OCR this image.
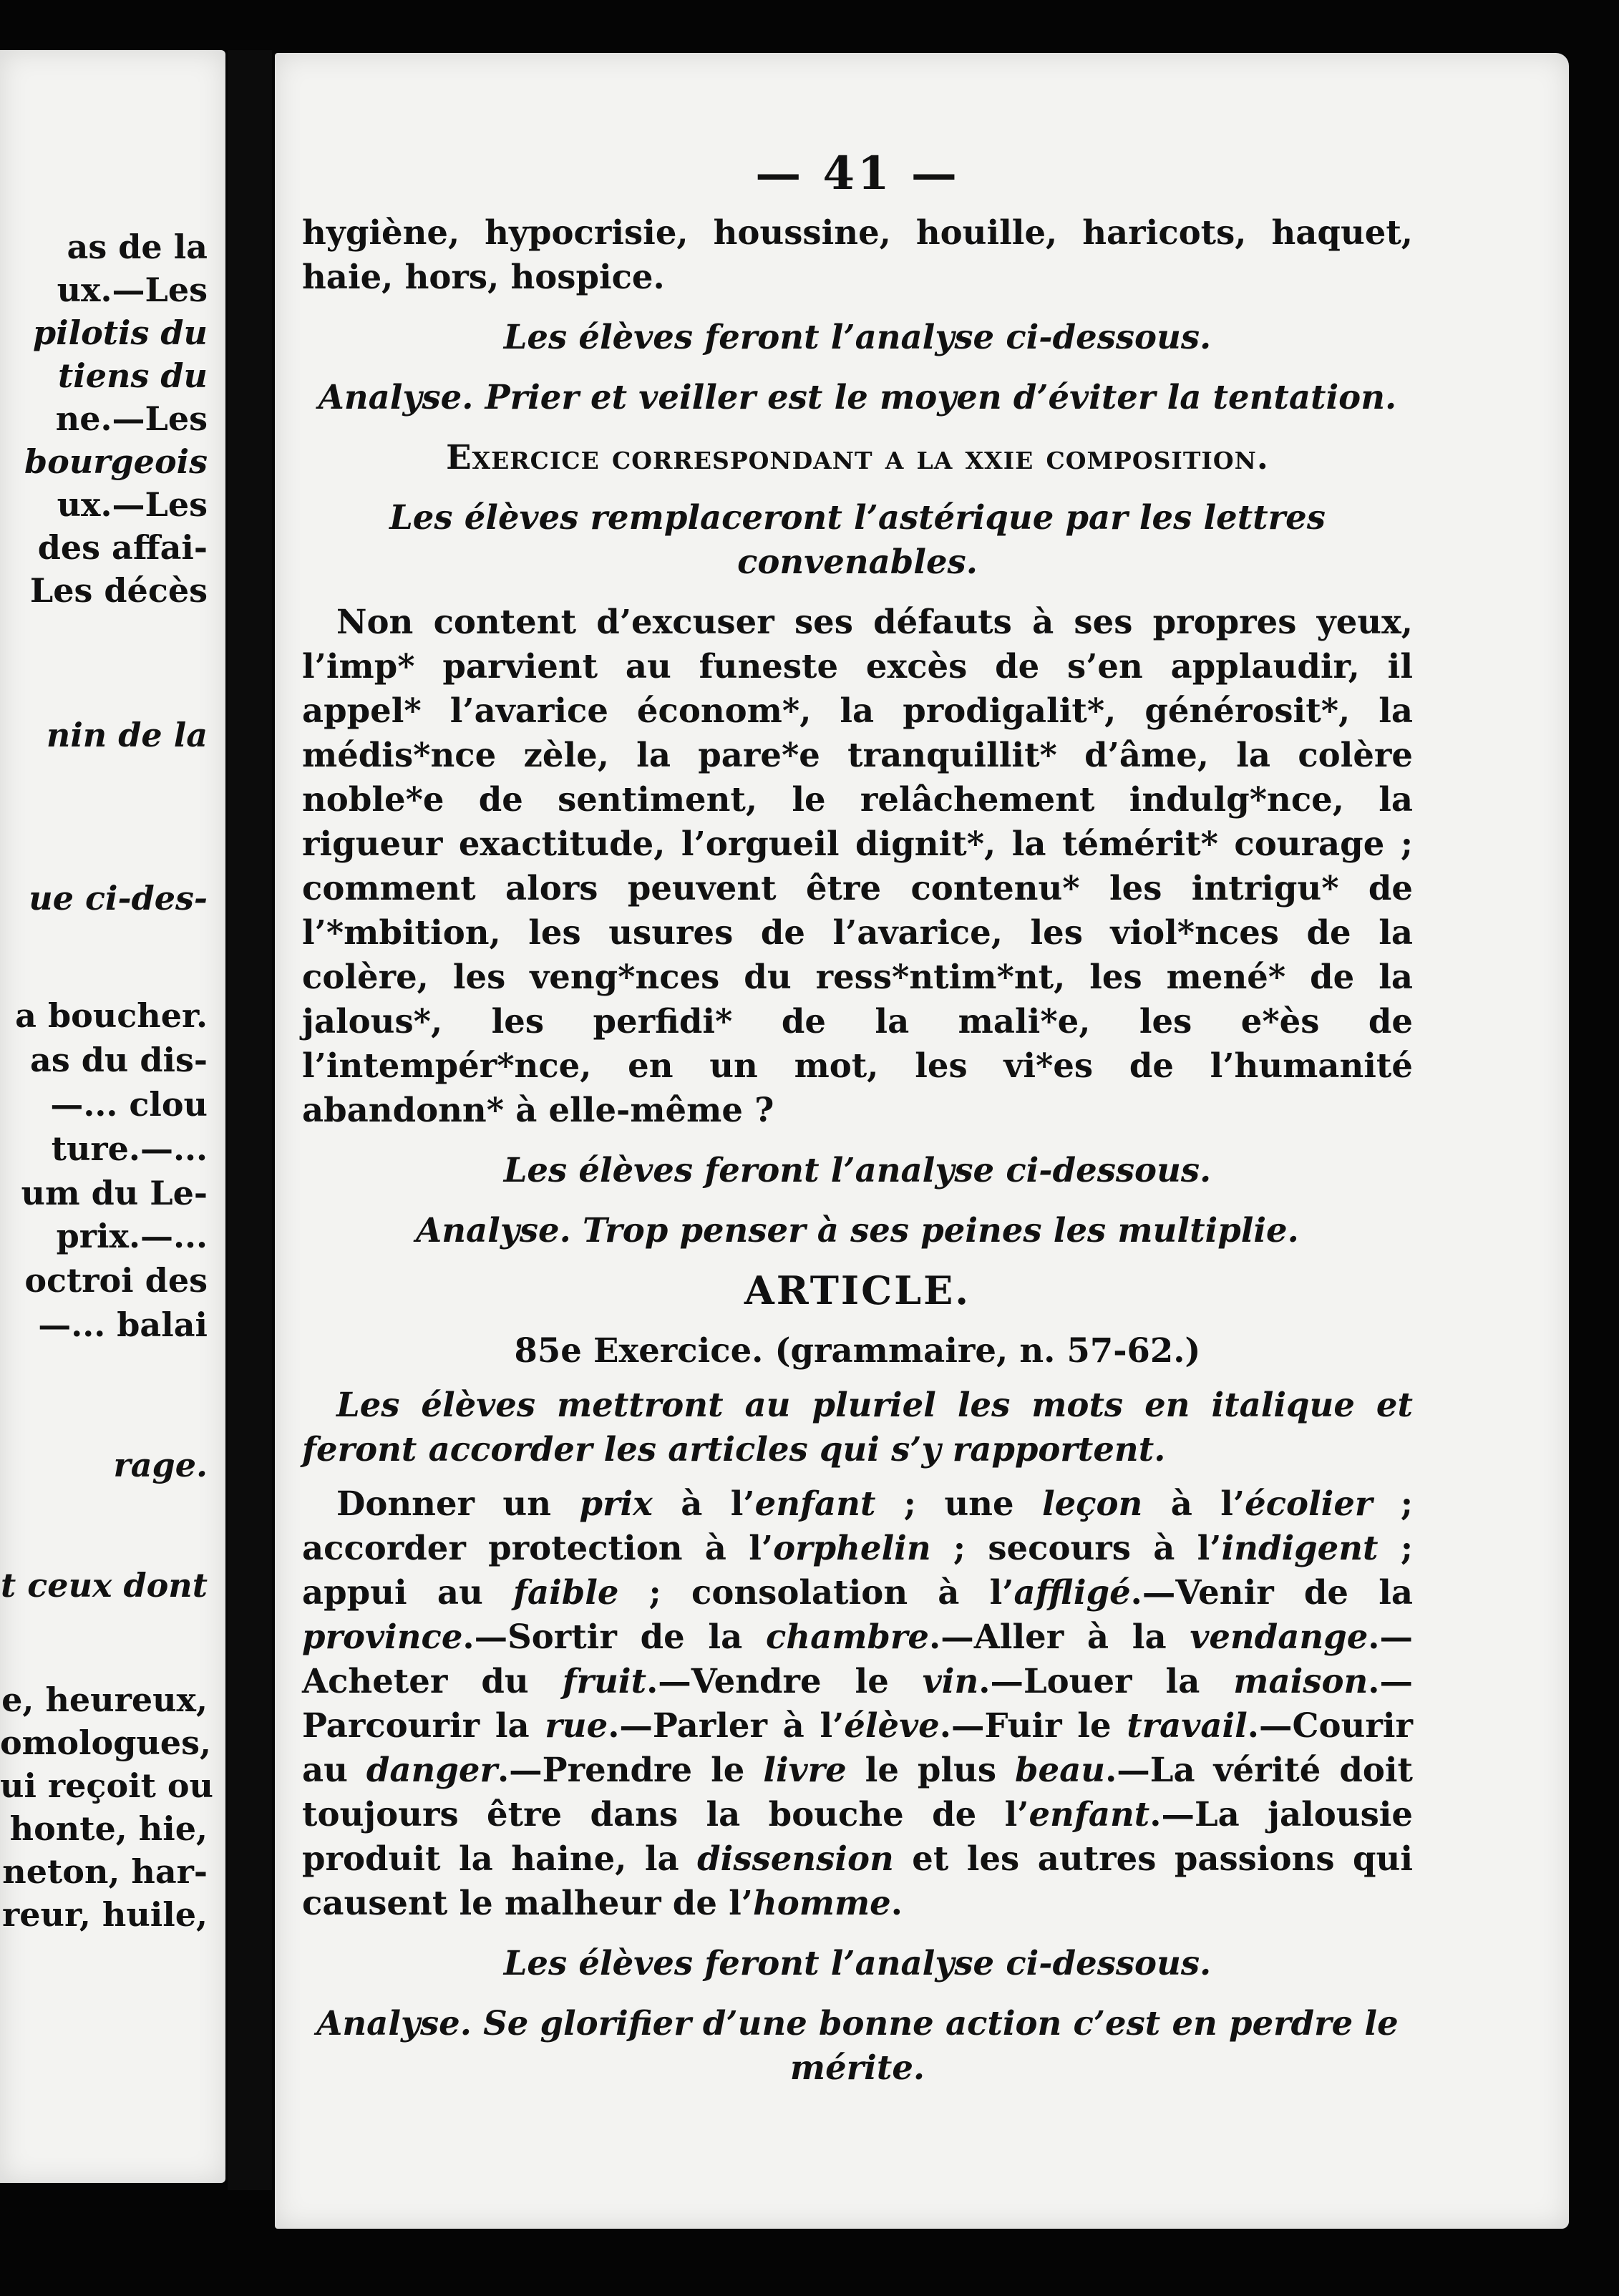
as de la
ux.—Les
pilotis du
tiens du
ne.—Les
bourgeois
ux.—Les
des affai-
Les décès
nin de la
ue ci-des-
a boucher.
as du dis-
—... clou
ture.—...
um du Le-
prix.—...
octroi des
—... balai
rage.
t ceux dont
e, heureux,
omologues,
ui reçoit ou
honte, hie,
neton, har-
reur, huile,
— 41 —

hygiène, hypocrisie, houssine, houille, haricots, haquet, haie, hors, hospice.

Les élèves feront l’analyse ci-dessous.
Analyse. Prier et veiller est le moyen d’éviter la tentation.
Exercice correspondant a la xxie composition.
Les élèves remplaceront l’astérique par les lettres convenables.

Non content d’excuser ses défauts à ses propres yeux, l’imp* parvient au funeste excès de s’en applaudir, il appel* l’avarice économ*, la prodigalit*, générosit*, la médis*nce zèle, la pare*e tranquillit* d’âme, la colère noble*e de sentiment, le relâchement indulg*nce, la rigueur exactitude, l’orgueil dignit*, la témérit* courage ; comment alors peuvent être contenu* les intrigu* de l’*mbition, les usures de l’avarice, les viol*nces de la colère, les veng*nces du ress*ntim*nt, les mené* de la jalous*, les perfidi* de la mali*e, les e*ès de l’intempér*nce, en un mot, les vi*es de l’humanité abandonn* à elle-même ?

Les élèves feront l’analyse ci-dessous.
Analyse. Trop penser à ses peines les multiplie.
ARTICLE.
85e Exercice. (grammaire, n. 57-62.)

Les élèves mettront au pluriel les mots en italique et feront accorder les articles qui s’y rapportent.

Donner un prix à l’enfant ; une leçon à l’écolier ; accorder protection à l’orphelin ; secours à l’indigent ; appui au faible ; consolation à l’affligé.—Venir de la province.—Sortir de la chambre.—Aller à la vendange.—Acheter du fruit.—Vendre le vin.—Louer la maison.—Parcourir la rue.—Parler à l’élève.—Fuir le travail.—Courir au danger.—Prendre le livre le plus beau.—La vérité doit toujours être dans la bouche de l’enfant.—La jalousie produit la haine, la dissension et les autres passions qui causent le malheur de l’homme.

Les élèves feront l’analyse ci-dessous.
Analyse. Se glorifier d’une bonne action c’est en perdre le mérite.
